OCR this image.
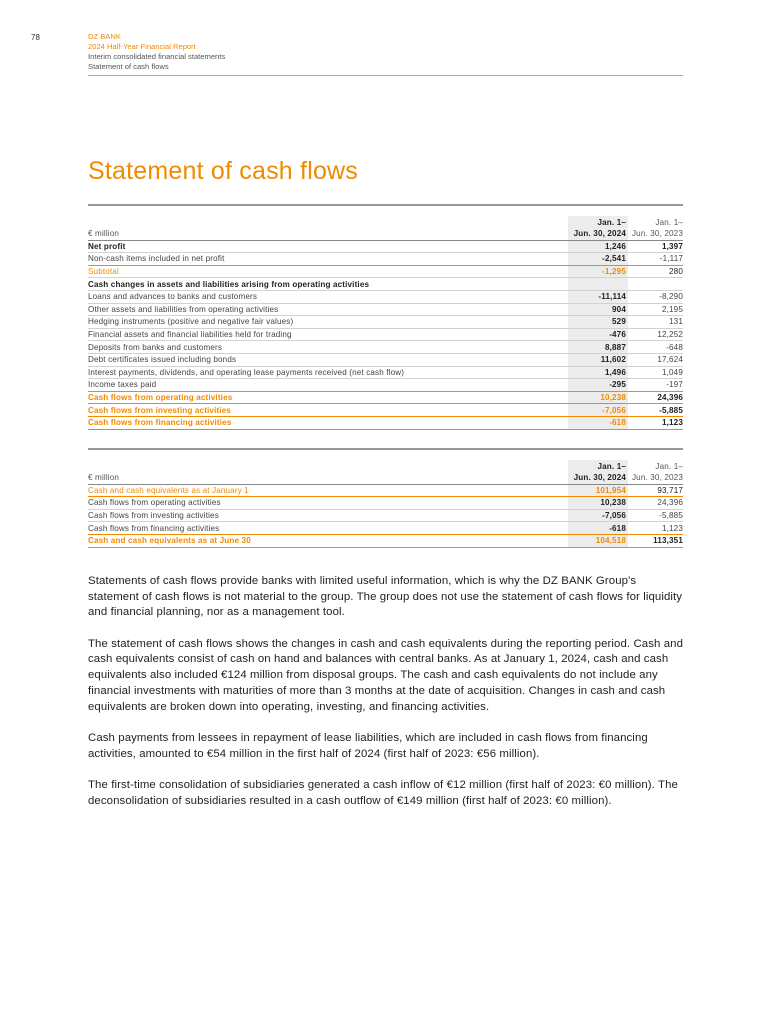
78	DZ BANK
2024 Half-Year Financial Report
Interim consolidated financial statements
Statement of cash flows
Statement of cash flows
	Jan. 1–	Jan. 1–
€ million	Jun. 30, 2024	Jun. 30, 2023
Net profit	1,246	1,397
Non-cash items included in net profit	-2,541	-1,117
Subtotal	-1,295	280
Cash changes in assets and liabilities arising from operating activities		
Loans and advances to banks and customers	-11,114	-8,290
Other assets and liabilities from operating activities	904	2,195
Hedging instruments (positive and negative fair values)	529	131
Financial assets and financial liabilities held for trading	-476	12,252
Deposits from banks and customers	8,887	-648
Debt certificates issued including bonds	11,602	17,624
Interest payments, dividends, and operating lease payments received (net cash flow)	1,496	1,049
Income taxes paid	-295	-197
Cash flows from operating activities	10,238	24,396
Cash flows from investing activities	-7,056	-5,885
Cash flows from financing activities	-618	1,123
	Jan. 1–	Jan. 1–
€ million	Jun. 30, 2024	Jun. 30, 2023
Cash and cash equivalents as at January 1	101,954	93,717
Cash flows from operating activities	10,238	24,396
Cash flows from investing activities	-7,056	-5,885
Cash flows from financing activities	-618	1,123
Cash and cash equivalents as at June 30	104,518	113,351

Statements of cash flows provide banks with limited useful information, which is why the DZ BANK Group's statement of cash flows is not material to the group. The group does not use the statement of cash flows for liquidity and financial planning, nor as a management tool.

The statement of cash flows shows the changes in cash and cash equivalents during the reporting period. Cash and cash equivalents consist of cash on hand and balances with central banks. As at January 1, 2024, cash and cash equivalents also included €124 million from disposal groups. The cash and cash equivalents do not include any financial investments with maturities of more than 3 months at the date of acquisition. Changes in cash and cash equivalents are broken down into operating, investing, and financing activities.

Cash payments from lessees in repayment of lease liabilities, which are included in cash flows from financing activities, amounted to €54 million in the first half of 2024 (first half of 2023: €56 million).

The first-time consolidation of subsidiaries generated a cash inflow of €12 million (first half of 2023: €0 million). The deconsolidation of subsidiaries resulted in a cash outflow of €149 million (first half of 2023: €0 million).
